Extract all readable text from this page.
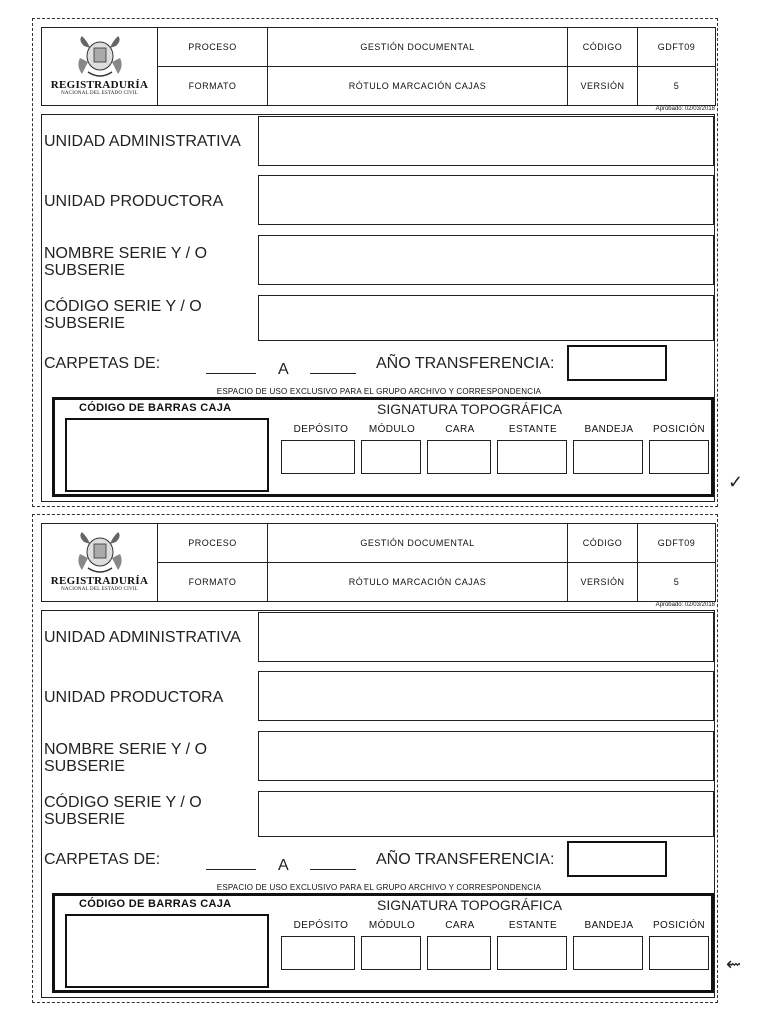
REGISTRADURÍA
NACIONAL DEL ESTADO CIVIL	PROCESO	GESTIÓN DOCUMENTAL	CÓDIGO	GDFT09
	FORMATO	RÓTULO MARCACIÓN CAJAS	VERSIÓN	5
Aprobado: 02/03/2018
UNIDAD ADMINISTRATIVA
UNIDAD PRODUCTORA
NOMBRE SERIE Y / O
SUBSERIE
CÓDIGO SERIE Y / O
SUBSERIE
CARPETAS DE:	A	AÑO TRANSFERENCIA:
ESPACIO DE USO EXCLUSIVO PARA EL GRUPO ARCHIVO Y CORRESPONDENCIA
CÓDIGO DE BARRAS CAJA	SIGNATURA TOPOGRÁFICA
DEPÓSITO	MÓDULO	CARA	ESTANTE	BANDEJA	POSICIÓN
REGISTRADURÍA
NACIONAL DEL ESTADO CIVIL	PROCESO	GESTIÓN DOCUMENTAL	CÓDIGO	GDFT09
	FORMATO	RÓTULO MARCACIÓN CAJAS	VERSIÓN	5
Aprobado: 02/03/2018
UNIDAD ADMINISTRATIVA
UNIDAD PRODUCTORA
NOMBRE SERIE Y / O
SUBSERIE
CÓDIGO SERIE Y / O
SUBSERIE
CARPETAS DE:	A	AÑO TRANSFERENCIA:
ESPACIO DE USO EXCLUSIVO PARA EL GRUPO ARCHIVO Y CORRESPONDENCIA
CÓDIGO DE BARRAS CAJA	SIGNATURA TOPOGRÁFICA
DEPÓSITO	MÓDULO	CARA	ESTANTE	BANDEJA	POSICIÓN
✓
⇜
